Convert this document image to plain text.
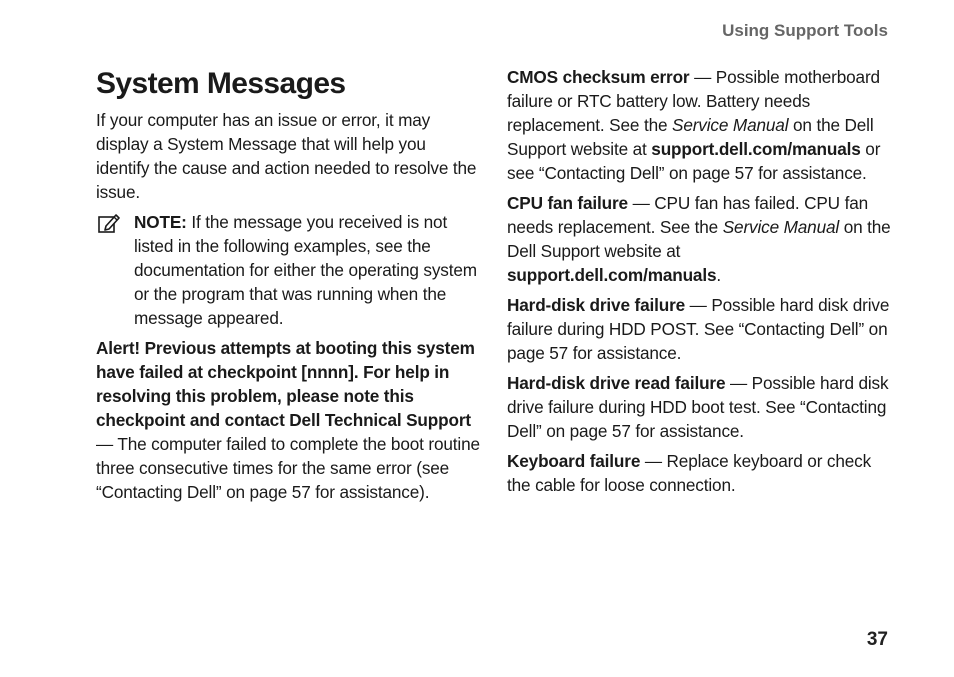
Using Support Tools
System Messages

If your computer has an issue or error, it may display a System Message that will help you identify the cause and action needed to resolve the issue.

NOTE: If the message you received is not listed in the following examples, see the documentation for either the operating system or the program that was running when the message appeared.

Alert! Previous attempts at booting this system have failed at checkpoint [nnnn]. For help in resolving this problem, please note this checkpoint and contact Dell Technical Support — The computer failed to complete the boot routine three consecutive times for the same error (see “Contacting Dell” on page 57 for assistance).

CMOS checksum error — Possible motherboard failure or RTC battery low. Battery needs replacement. See the Service Manual on the Dell Support website at support.dell.com/manuals or see “Contacting Dell” on page 57 for assistance.

CPU fan failure — CPU fan has failed. CPU fan needs replacement. See the Service Manual on the Dell Support website at support.dell.com/manuals.

Hard-disk drive failure — Possible hard disk drive failure during HDD POST. See “Contacting Dell” on page 57 for assistance.

Hard-disk drive read failure — Possible hard disk drive failure during HDD boot test. See “Contacting Dell” on page 57 for assistance.

Keyboard failure — Replace keyboard or check the cable for loose connection.

37
